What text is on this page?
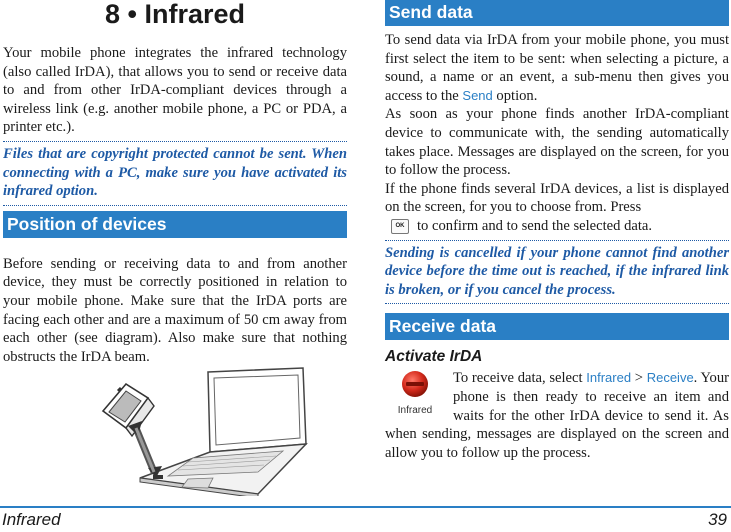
8 • Infrared

Your mobile phone integrates the infrared technology (also called IrDA), that allows you to send or receive data to and from other IrDA-compliant devices through a wireless link (e.g. another mobile phone, a PC or PDA, a printer etc.).

Files that are copyright protected cannot be sent. When connecting with a PC, make sure you have activated its infrared option.

Position of devices

Before sending or receiving data to and from another device, they must be correctly positioned in relation to your mobile phone. Make sure that the IrDA ports are facing each other and are a maximum of 50 cm away from each other (see diagram). Also make sure that nothing obstructs the IrDA beam.

Send data

To send data via IrDA from your mobile phone, you must first select the item to be sent: when selecting a picture, a sound, a name or an event, a sub-menu then gives you access to the Send option.

As soon as your phone finds another IrDA-compliant device to communicate with, the sending automatically takes place. Messages are displayed on the screen, for you to follow the process.

If the phone finds several IrDA devices, a list is displayed on the screen, for you to choose from. Press
OK to confirm and to send the selected data.

Sending is cancelled if your phone cannot find another device before the time out is reached, if the infrared link is broken, or if you cancel the process.

Receive data

Activate IrDA

Infrared

To receive data, select Infrared > Receive. Your phone is then ready to receive an item and waits for the other IrDA device to send it. As when sending, messages are displayed on the screen and allow you to follow up the process.

Infrared	39
